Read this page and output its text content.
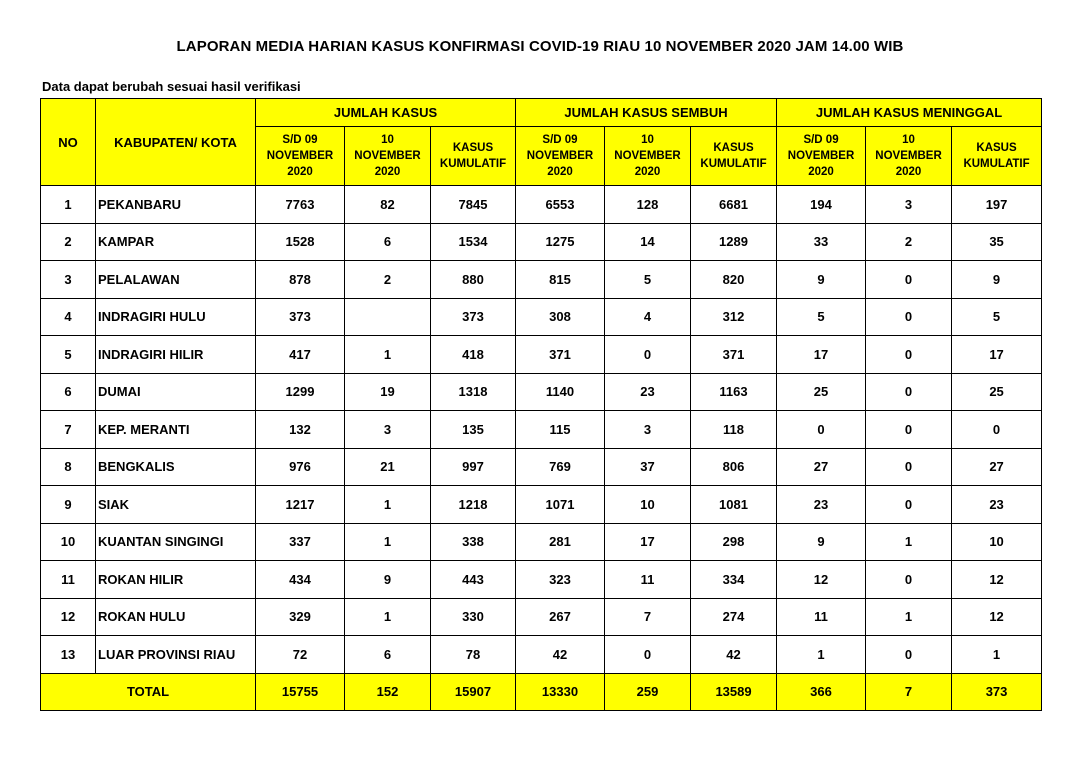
LAPORAN MEDIA HARIAN KASUS KONFIRMASI COVID-19 RIAU 10 NOVEMBER 2020 JAM 14.00 WIB
Data dapat berubah sesuai hasil verifikasi
NO	KABUPATEN/ KOTA	JUMLAH KASUS			JUMLAH KASUS SEMBUH			JUMLAH KASUS MENINGGAL		

		S/D 09
NOVEMBER
2020	10
NOVEMBER
2020	KASUS
KUMULATIF	S/D 09
NOVEMBER
2020	10
NOVEMBER
2020	KASUS
KUMULATIF	S/D 09
NOVEMBER
2020	10
NOVEMBER
2020	KASUS
KUMULATIF

1	PEKANBARU	7763	82	7845	6553	128	6681	194	3	197
2	KAMPAR	1528	6	1534	1275	14	1289	33	2	35
3	PELALAWAN	878	2	880	815	5	820	9	0	9
4	INDRAGIRI HULU	373		373	308	4	312	5	0	5
5	INDRAGIRI HILIR	417	1	418	371	0	371	17	0	17
6	DUMAI	1299	19	1318	1140	23	1163	25	0	25
7	KEP. MERANTI	132	3	135	115	3	118	0	0	0
8	BENGKALIS	976	21	997	769	37	806	27	0	27
9	SIAK	1217	1	1218	1071	10	1081	23	0	23
10	KUANTAN SINGINGI	337	1	338	281	17	298	9	1	10
11	ROKAN HILIR	434	9	443	323	11	334	12	0	12
12	ROKAN HULU	329	1	330	267	7	274	11	1	12
13	LUAR PROVINSI RIAU	72	6	78	42	0	42	1	0	1
TOTAL		15755	152	15907	13330	259	13589	366	7	373
